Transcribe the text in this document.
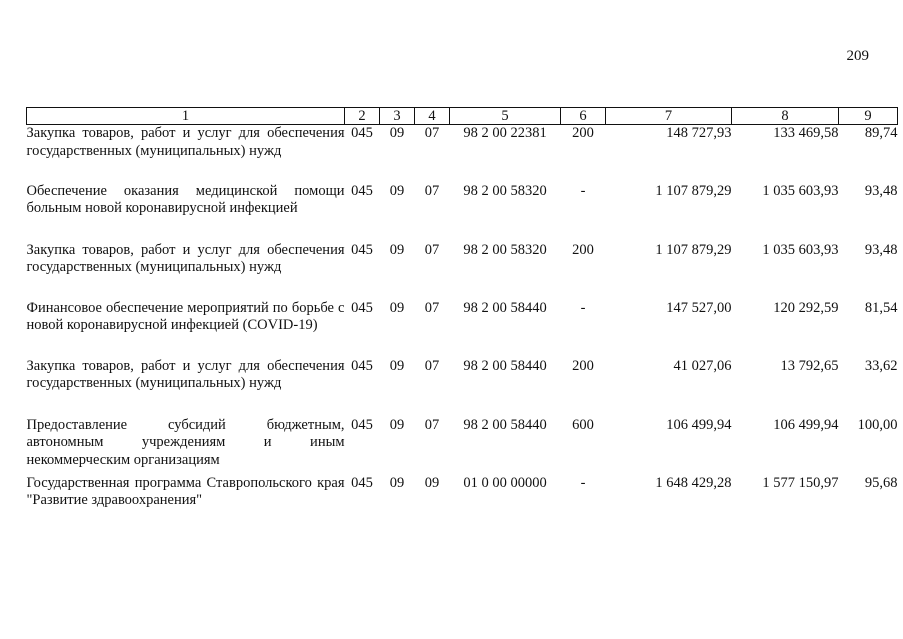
209
1	2	3	4	5	6	7	8	9
Закупка товаров, работ и услуг для обеспечения государственных (муниципальных) нужд	045	09	07	98 2 00 22381	200	148 727,93	133 469,58	89,74
Обеспечение оказания медицинской помощи больным новой коронавирусной инфекцией	045	09	07	98 2 00 58320	-	1 107 879,29	1 035 603,93	93,48
Закупка товаров, работ и услуг для обеспечения государственных (муниципальных) нужд	045	09	07	98 2 00 58320	200	1 107 879,29	1 035 603,93	93,48
Финансовое обеспечение мероприятий по борьбе с новой коронавирусной инфекцией (COVID-19)	045	09	07	98 2 00 58440	-	147 527,00	120 292,59	81,54
Закупка товаров, работ и услуг для обеспечения государственных (муниципальных) нужд	045	09	07	98 2 00 58440	200	41 027,06	13 792,65	33,62
Предоставление субсидий бюджетным, автономным учреждениям и иным некоммерческим организациям	045	09	07	98 2 00 58440	600	106 499,94	106 499,94	100,00
Государственная программа Ставропольского края "Развитие здравоохранения"	045	09	09	01 0 00 00000	-	1 648 429,28	1 577 150,97	95,68
